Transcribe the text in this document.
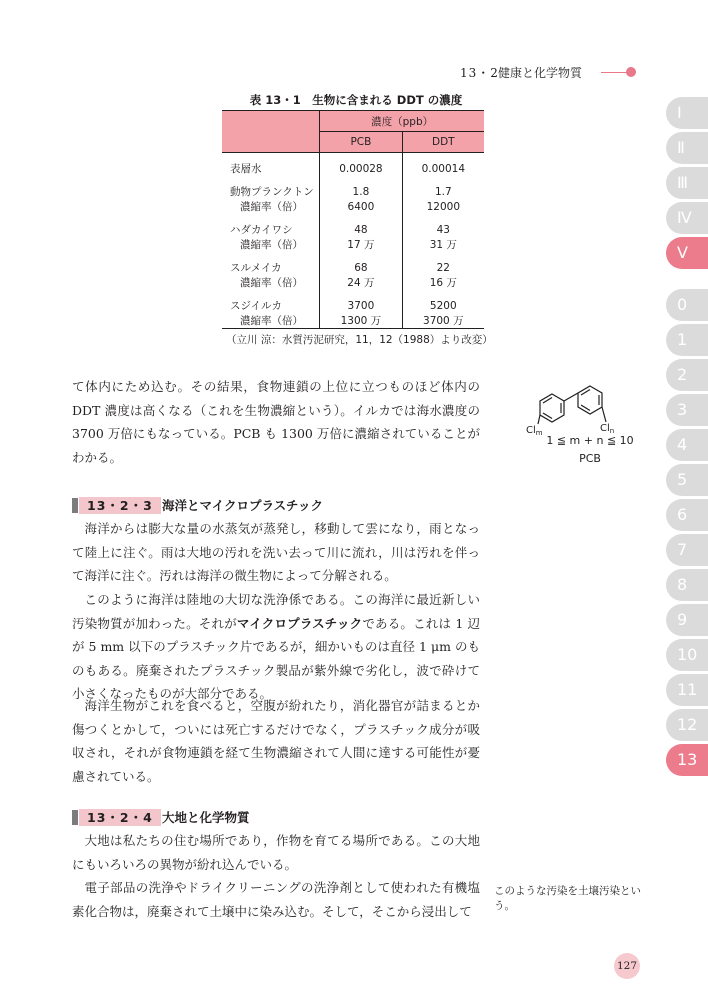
13・2 健康と化学物質
表 13・1　生物に含まれる DDT の濃度
	濃度（ppb）	
	PCB	DDT

表層水	0.00028	0.00014

動物プランクトン	1.8	1.7
濃縮率（倍）	6400	12000

ハダカイワシ	48	43
濃縮率（倍）	17 万	31 万

スルメイカ	68	22
濃縮率（倍）	24 万	16 万

スジイルカ	3700	5200
濃縮率（倍）	1300 万	3700 万
（立川 涼：水質汚泥研究，11，12（1988）より改変）

て体内にため込む。その結果，食物連鎖の上位に立つものほど体内の DDT 濃度は高くなる（これを生物濃縮という）。イルカでは海水濃度の 3700 万倍にもなっている。PCB も 1300 万倍に濃縮されていることがわかる。

$Cl_m$	$Cl_n$
1 ≦ m + n ≦ 10
PCB
13・2・3 海洋とマイクロプラスチック

海洋からは膨大な量の水蒸気が蒸発し，移動して雲になり，雨となって陸上に注ぐ。雨は大地の汚れを洗い去って川に流れ，川は汚れを伴って海洋に注ぐ。汚れは海洋の微生物によって分解される。

このように海洋は陸地の大切な洗浄係である。この海洋に最近新しい汚染物質が加わった。それがマイクロプラスチックである。これは 1 辺が 5 mm 以下のプラスチック片であるが，細かいものは直径 1 μm のものもある。廃棄されたプラスチック製品が紫外線で劣化し，波で砕けて小さくなったものが大部分である。

海洋生物がこれを食べると，空腹が紛れたり，消化器官が詰まるとか傷つくとかして，ついには死亡するだけでなく，プラスチック成分が吸収され，それが食物連鎖を経て生物濃縮されて人間に達する可能性が憂慮されている。

13・2・4 大地と化学物質

大地は私たちの住む場所であり，作物を育てる場所である。この大地にもいろいろの異物が紛れ込んでいる。

電子部品の洗浄やドライクリーニングの洗浄剤として使われた有機塩素化合物は，廃棄されて土壌中に染み込む。そして，そこから浸出して

このような汚染を土壌汚染という。
Ⅰ
Ⅱ
Ⅲ
Ⅳ
Ⅴ
0
1
2
3
4
5
6
7
8
9
10
11
12
13
127
